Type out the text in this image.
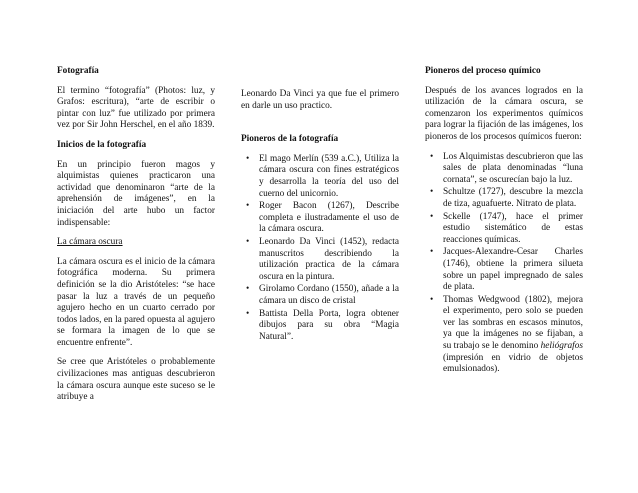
Fotografía

El termino “fotografía” (Photos: luz, y Grafos: escritura), “arte de escribir o pintar con luz” fue utilizado por primera vez por Sir John Herschel, en el año 1839.

Inicios de la fotografía

En un principio fueron magos y alquimistas quienes practicaron una actividad que denominaron “arte de la aprehensión de imágenes”, en la iniciación del arte hubo un factor indispensable:

La cámara oscura

La cámara oscura es el inicio de la cámara fotográfica moderna. Su primera definición se la dio Aristóteles: “se hace pasar la luz a través de un pequeño agujero hecho en un cuarto cerrado por todos lados, en la pared opuesta al agujero se formara la imagen de lo que se encuentre enfrente”.

Se cree que Aristóteles o probablemente civilizaciones mas antiguas descubrieron la cámara oscura aunque este suceso se le atribuye a

Leonardo Da Vinci ya que fue el primero en darle un uso practico.

Pioneros de la fotografía
• El mago Merlín (539 a.C.), Utiliza la cámara oscura con fines estratégicos y desarrolla la teoría del uso del cuerno del unicornio.
• Roger Bacon (1267), Describe completa e ilustradamente el uso de la cámara oscura.
• Leonardo Da Vinci (1452), redacta manuscritos describiendo la utilización practica de la cámara oscura en la pintura.
• Girolamo Cordano (1550), añade a la cámara un disco de cristal
• Battista Della Porta, logra obtener dibujos para su obra “Magia Natural”.
Pioneros del proceso químico

Después de los avances logrados en la utilización de la cámara oscura, se comenzaron los experimentos químicos para lograr la fijación de las imágenes, los pioneros de los procesos químicos fueron:

• Los Alquimistas descubrieron que las sales de plata denominadas “luna cornata”, se oscurecían bajo la luz.
• Schultze (1727), descubre la mezcla de tiza, aguafuerte. Nitrato de plata.
• Sckelle (1747), hace el primer estudio sistemático de estas reacciones químicas.
• Jacques-Alexandre-Cesar Charles (1746), obtiene la primera silueta sobre un papel impregnado de sales de plata.
• Thomas Wedgwood (1802), mejora el experimento, pero solo se pueden ver las sombras en escasos minutos, ya que la imágenes no se fijaban, a su trabajo se le denomino heliógrafos (impresión en vidrio de objetos emulsionados).
